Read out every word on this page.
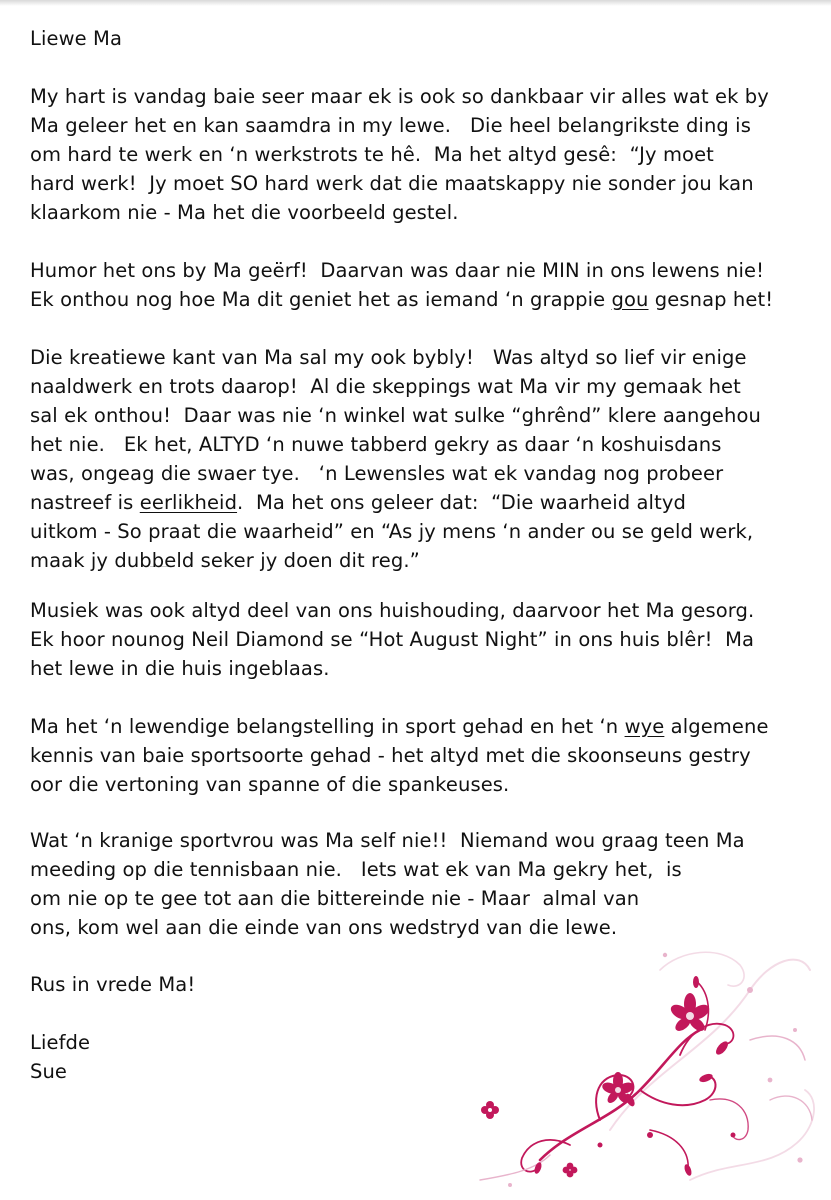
Liewe Ma
My hart is vandag baie seer maar ek is ook so dankbaar vir alles wat ek by
Ma geleer het en kan saamdra in my lewe.   Die heel belangrikste ding is
om hard te werk en ‘n werkstrots te hê.  Ma het altyd gesê:  “Jy moet
hard werk!  Jy moet SO hard werk dat die maatskappy nie sonder jou kan
klaarkom nie - Ma het die voorbeeld gestel.
Humor het ons by Ma geërf!  Daarvan was daar nie MIN in ons lewens nie!
Ek onthou nog hoe Ma dit geniet het as iemand ‘n grappie gou gesnap het!
Die kreatiewe kant van Ma sal my ook bybly!   Was altyd so lief vir enige
naaldwerk en trots daarop!  Al die skeppings wat Ma vir my gemaak het
sal ek onthou!  Daar was nie ‘n winkel wat sulke “ghrênd” klere aangehou
het nie.   Ek het, ALTYD ‘n nuwe tabberd gekry as daar ‘n koshuisdans
was, ongeag die swaer tye.   ‘n Lewensles wat ek vandag nog probeer
nastreef is eerlikheid.  Ma het ons geleer dat:  “Die waarheid altyd
uitkom - So praat die waarheid” en “As jy mens ‘n ander ou se geld werk,
maak jy dubbeld seker jy doen dit reg.”
Musiek was ook altyd deel van ons huishouding, daarvoor het Ma gesorg.
Ek hoor nounog Neil Diamond se “Hot August Night” in ons huis blêr!  Ma
het lewe in die huis ingeblaas.
Ma het ‘n lewendige belangstelling in sport gehad en het ‘n wye algemene
kennis van baie sportsoorte gehad - het altyd met die skoonseuns gestry
oor die vertoning van spanne of die spankeuses.
Wat ‘n kranige sportvrou was Ma self nie!!  Niemand wou graag teen Ma
meeding op die tennisbaan nie.   Iets wat ek van Ma gekry het,  is
om nie op te gee tot aan die bittereinde nie - Maar  almal van
ons, kom wel aan die einde van ons wedstryd van die lewe.
Rus in vrede Ma!
Liefde
Sue
